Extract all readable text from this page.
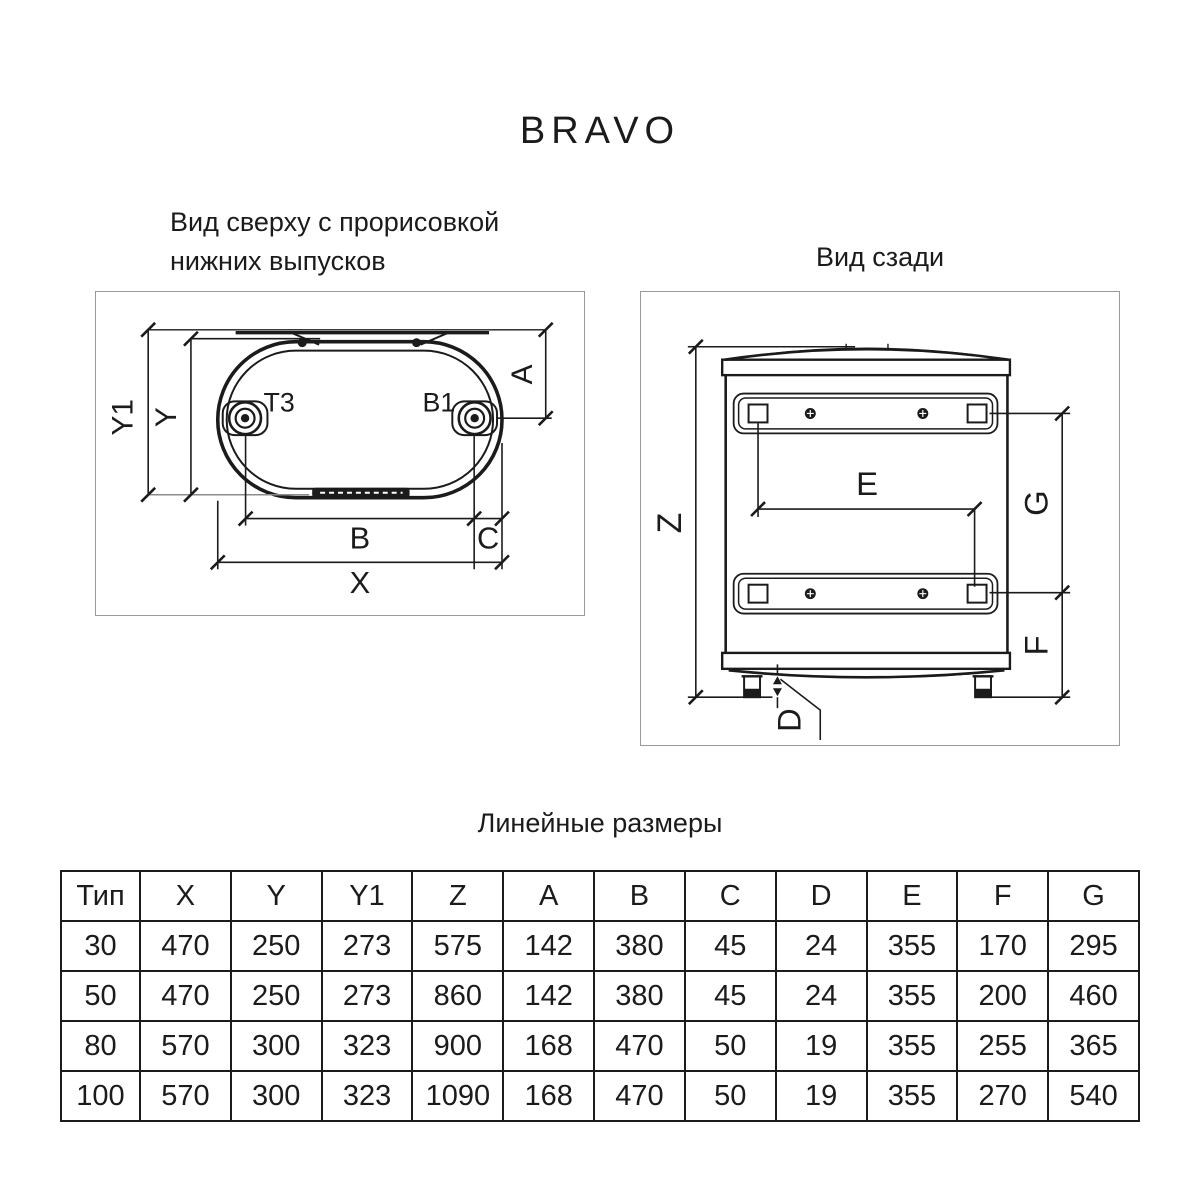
BRAVO
Вид сверху с прорисовкой
нижних выпусков	Вид сзади
T3	B1
Y1 Y
A
B	C
X
Z
E
G
F
D
Линейные размеры
Тип	X	Y	Y1	Z	A	B	C	D	E	F	G
30	470	250	273	575	142	380	45	24	355	170	295
50	470	250	273	860	142	380	45	24	355	200	460
80	570	300	323	900	168	470	50	19	355	255	365
100	570	300	323	1090	168	470	50	19	355	270	540
